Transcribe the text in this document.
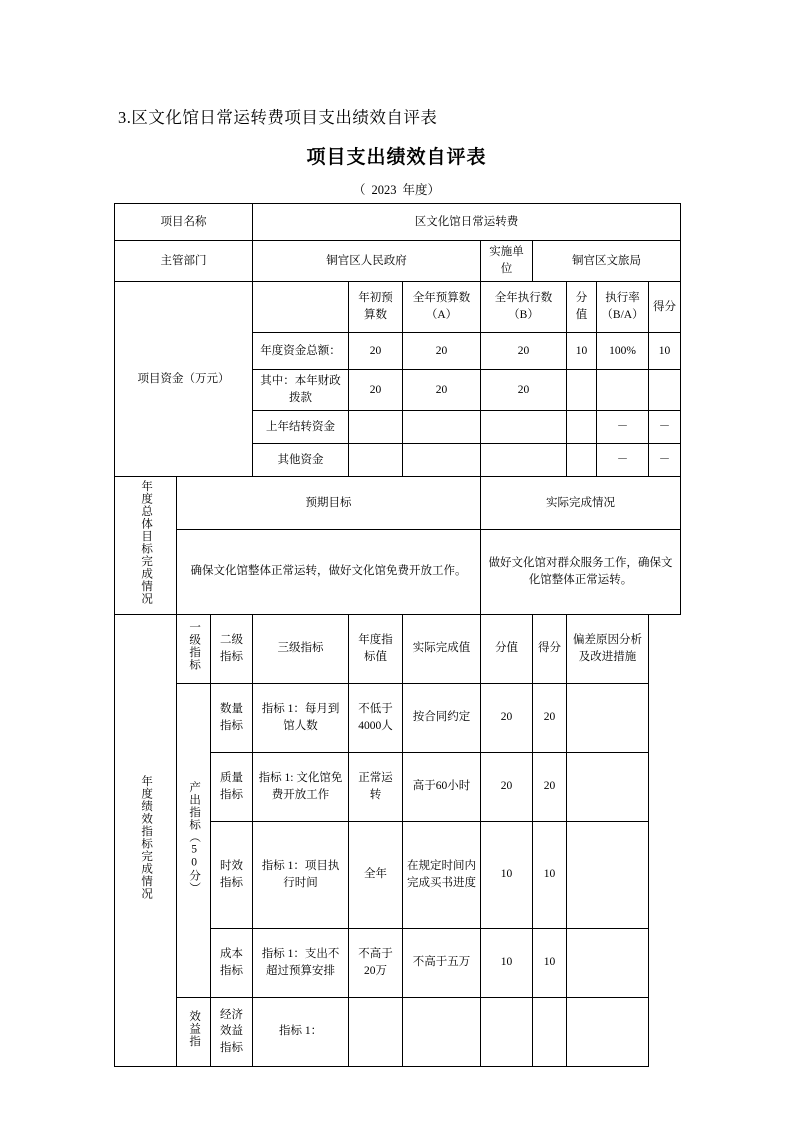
3.区文化馆日常运转费项目支出绩效自评表
项目支出绩效自评表
（ 2023 年度）
项目名称			区文化馆日常运转费							
主管部门			铜官区人民政府			实施单位	铜官区文旅局			
项目资金（万元）				年初预算数	全年预算数（A）	全年执行数（B）		分值	执行率（B/A）	得分
			年度资金总额：	20	20	20		10	100%	10
			其中：本年财政拨款	20	20	20				
			上年结转资金						－	－
			其他资金						－	－
年度总体目标完成情况	预期目标					实际完成情况				
	确保文化馆整体正常运转，做好文化馆免费开放工作。					做好文化馆对群众服务工作，确保文化馆整体正常运转。				
年度绩效指标完成情况	一级指标	二级指标	三级指标	年度指标值	实际完成值	分值	得分	偏差原因分析及改进措施		
	产出指标（50分）	数量指标	指标 1：每月到馆人数	不低于4000人	按合同约定	20	20			
		质量指标	指标 1: 文化馆免费开放工作	正常运转	高于60小时	20	20			
		时效指标	指标 1：项目执行时间	全年	在规定时间内完成买书进度	10	10			
		成本指标	指标 1：支出不超过预算安排	不高于20万	不高于五万	10	10			
	效益指	经济效益指标	指标 1：							
